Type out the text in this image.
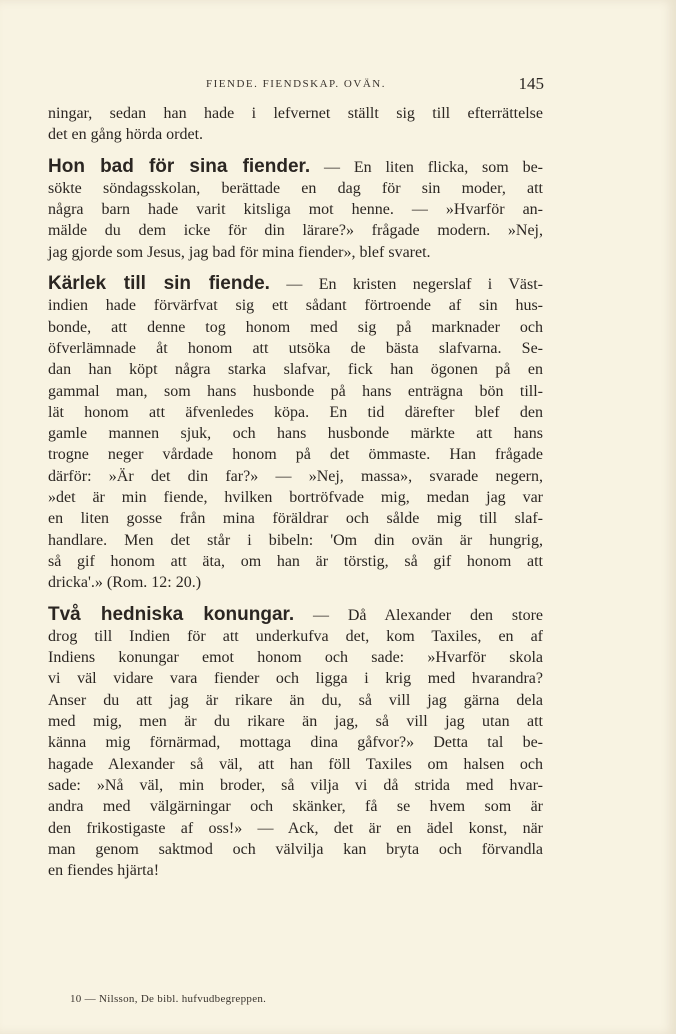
FIENDE. FIENDSKAP. OVÄN.	145
ningar, sedan han hade i lefvernet ställt sig till efterrättelse
det en gång hörda ordet.
Hon bad för sina fiender. — En liten flicka, som be-
sökte söndagsskolan, berättade en dag för sin moder, att
några barn hade varit kitsliga mot henne. — »Hvarför an-
mälde du dem icke för din lärare?» frågade modern. »Nej,
jag gjorde som Jesus, jag bad för mina fiender», blef svaret.
Kärlek till sin fiende. — En kristen negerslaf i Väst-
indien hade förvärfvat sig ett sådant förtroende af sin hus-
bonde, att denne tog honom med sig på marknader och
öfverlämnade åt honom att utsöka de bästa slafvarna. Se-
dan han köpt några starka slafvar, fick han ögonen på en
gammal man, som hans husbonde på hans enträgna bön till-
lät honom att äfvenledes köpa. En tid därefter blef den
gamle mannen sjuk, och hans husbonde märkte att hans
trogne neger vårdade honom på det ömmaste. Han frågade
därför: »Är det din far?» — »Nej, massa», svarade negern,
»det är min fiende, hvilken bortröfvade mig, medan jag var
en liten gosse från mina föräldrar och sålde mig till slaf-
handlare. Men det står i bibeln: 'Om din ovän är hungrig,
så gif honom att äta, om han är törstig, så gif honom att
dricka'.» (Rom. 12: 20.)
Två hedniska konungar. — Då Alexander den store
drog till Indien för att underkufva det, kom Taxiles, en af
Indiens konungar emot honom och sade: »Hvarför skola
vi väl vidare vara fiender och ligga i krig med hvarandra?
Anser du att jag är rikare än du, så vill jag gärna dela
med mig, men är du rikare än jag, så vill jag utan att
känna mig förnärmad, mottaga dina gåfvor?» Detta tal be-
hagade Alexander så väl, att han föll Taxiles om halsen och
sade: »Nå väl, min broder, så vilja vi då strida med hvar-
andra med välgärningar och skänker, få se hvem som är
den frikostigaste af oss!» — Ack, det är en ädel konst, när
man genom saktmod och välvilja kan bryta och förvandla
en fiendes hjärta!
10 — Nilsson, De bibl. hufvudbegreppen.
